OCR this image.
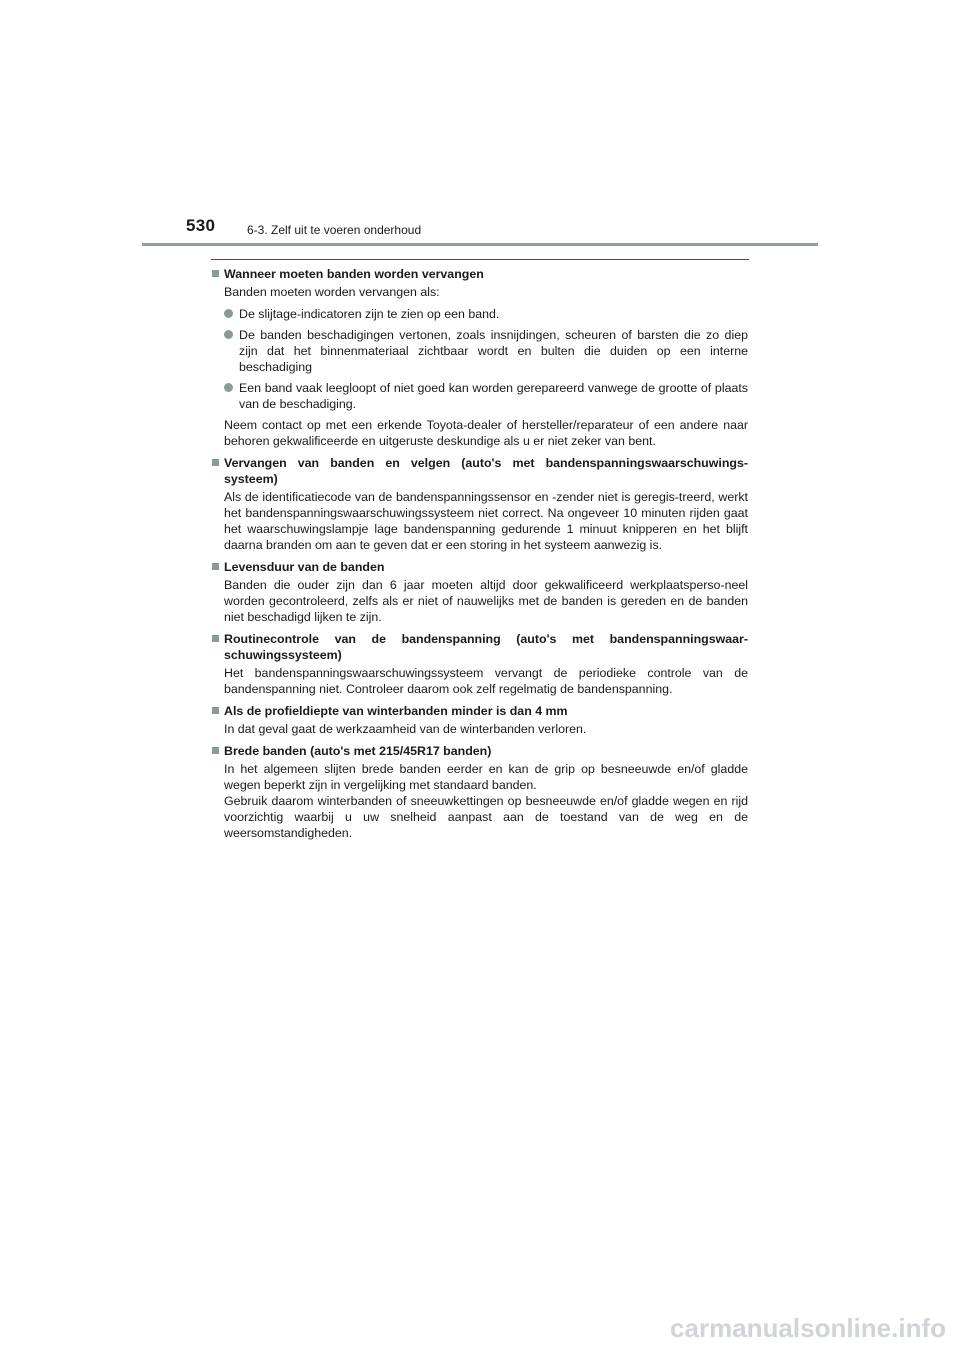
530	6-3. Zelf uit te voeren onderhoud
Wanneer moeten banden worden vervangen
Banden moeten worden vervangen als:
De slijtage-indicatoren zijn te zien op een band.
De banden beschadigingen vertonen, zoals insnijdingen, scheuren of barsten die zo diep zijn dat het binnenmateriaal zichtbaar wordt en bulten die duiden op een interne beschadiging
Een band vaak leegloopt of niet goed kan worden gerepareerd vanwege de grootte of plaats van de beschadiging.
Neem contact op met een erkende Toyota-dealer of hersteller/reparateur of een andere naar behoren gekwalificeerde en uitgeruste deskundige als u er niet zeker van bent.
Vervangen van banden en velgen (auto's met bandenspanningswaarschuwings-systeem)
Als de identificatiecode van de bandenspanningssensor en -zender niet is geregis-treerd, werkt het bandenspanningswaarschuwingssysteem niet correct. Na ongeveer 10 minuten rijden gaat het waarschuwingslampje lage bandenspanning gedurende 1 minuut knipperen en het blijft daarna branden om aan te geven dat er een storing in het systeem aanwezig is.
Levensduur van de banden
Banden die ouder zijn dan 6 jaar moeten altijd door gekwalificeerd werkplaatsperso-neel worden gecontroleerd, zelfs als er niet of nauwelijks met de banden is gereden en de banden niet beschadigd lijken te zijn.
Routinecontrole van de bandenspanning (auto's met bandenspanningswaar-schuwingssysteem)
Het bandenspanningswaarschuwingssysteem vervangt de periodieke controle van de bandenspanning niet. Controleer daarom ook zelf regelmatig de bandenspanning.
Als de profieldiepte van winterbanden minder is dan 4 mm
In dat geval gaat de werkzaamheid van de winterbanden verloren.
Brede banden (auto's met 215/45R17 banden)
In het algemeen slijten brede banden eerder en kan de grip op besneeuwde en/of gladde wegen beperkt zijn in vergelijking met standaard banden.
Gebruik daarom winterbanden of sneeuwkettingen op besneeuwde en/of gladde wegen en rijd voorzichtig waarbij u uw snelheid aanpast aan de toestand van de weg en de weersomstandigheden.
carmanualsonline.info
